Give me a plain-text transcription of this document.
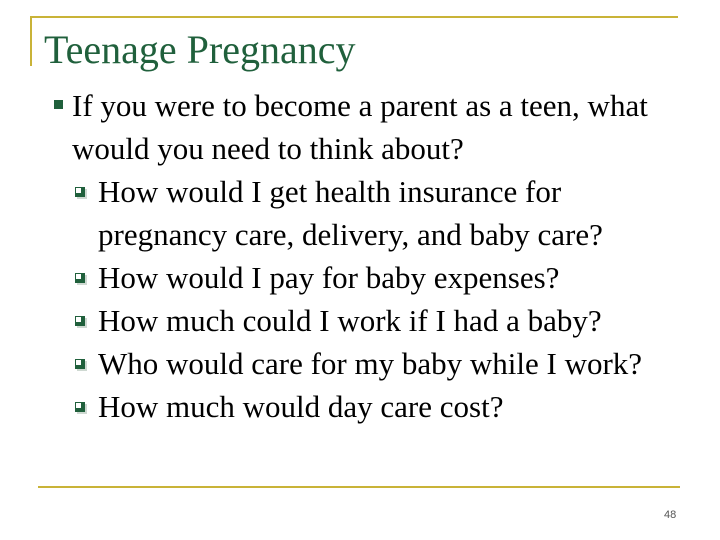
Teenage Pregnancy
If you were to become a parent as a teen, what would you need to think about?
How would I get health insurance for pregnancy care, delivery, and baby care?
How would I pay for baby expenses?
How much could I work if I had a baby?
Who would care for my baby while I work?
How much would day care cost?
48
